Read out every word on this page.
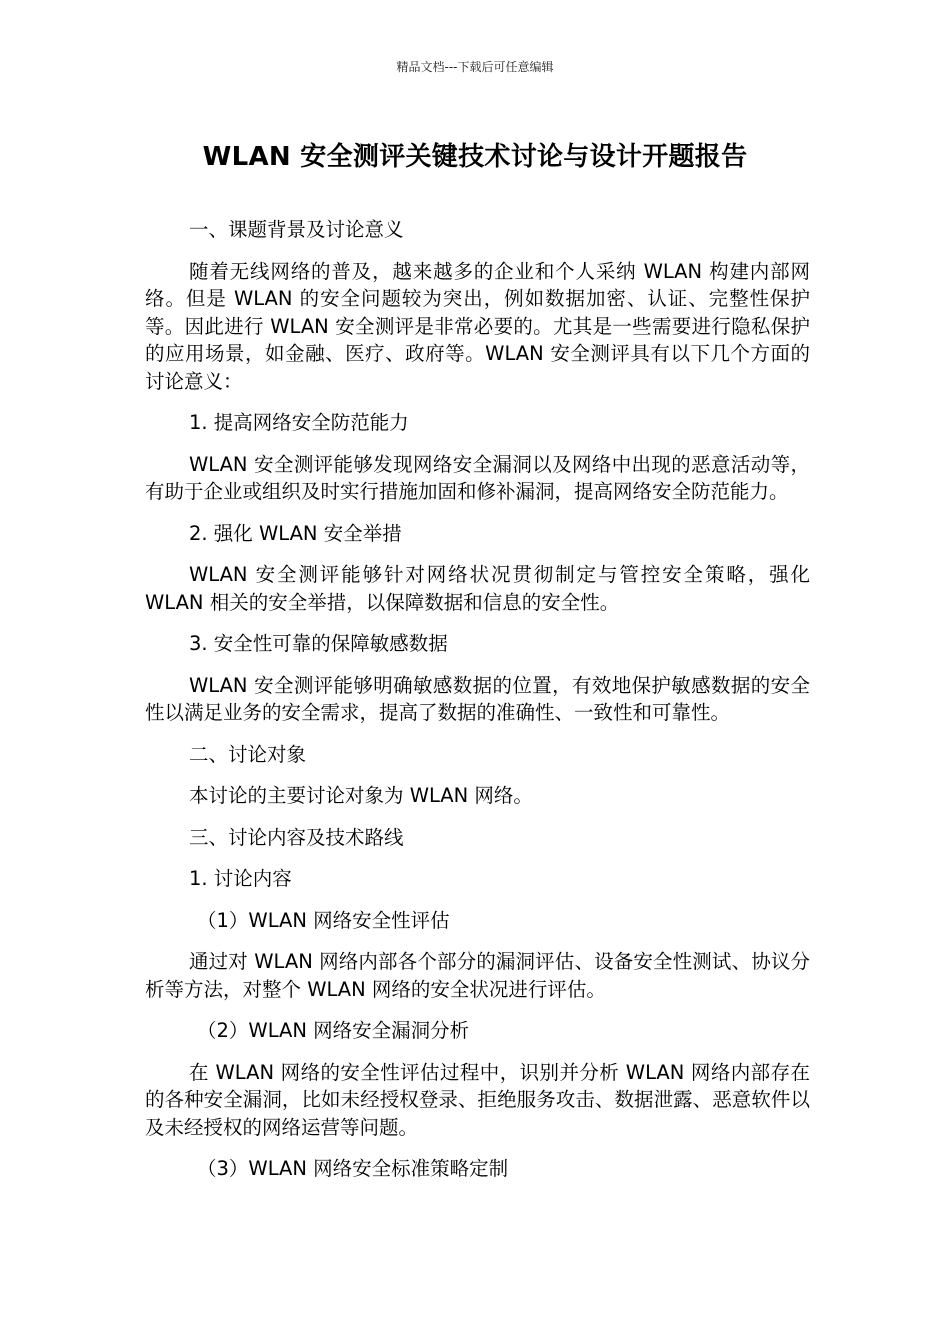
精品文档---下载后可任意编辑
WLAN 安全测评关键技术讨论与设计开题报告
一、课题背景及讨论意义
随着无线网络的普及，越来越多的企业和个人采纳 WLAN 构建内部网络。但是 WLAN 的安全问题较为突出，例如数据加密、认证、完整性保护等。因此进行 WLAN 安全测评是非常必要的。尤其是一些需要进行隐私保护的应用场景，如金融、医疗、政府等。WLAN 安全测评具有以下几个方面的讨论意义：
1. 提高网络安全防范能力
WLAN 安全测评能够发现网络安全漏洞以及网络中出现的恶意活动等，有助于企业或组织及时实行措施加固和修补漏洞，提高网络安全防范能力。
2. 强化 WLAN 安全举措
WLAN 安全测评能够针对网络状况贯彻制定与管控安全策略，强化 WLAN 相关的安全举措，以保障数据和信息的安全性。
3. 安全性可靠的保障敏感数据
WLAN 安全测评能够明确敏感数据的位置，有效地保护敏感数据的安全性以满足业务的安全需求，提高了数据的准确性、一致性和可靠性。
二、讨论对象
本讨论的主要讨论对象为 WLAN 网络。
三、讨论内容及技术路线
1. 讨论内容
（1）WLAN 网络安全性评估
通过对 WLAN 网络内部各个部分的漏洞评估、设备安全性测试、协议分析等方法，对整个 WLAN 网络的安全状况进行评估。
（2）WLAN 网络安全漏洞分析
在 WLAN 网络的安全性评估过程中，识别并分析 WLAN 网络内部存在的各种安全漏洞，比如未经授权登录、拒绝服务攻击、数据泄露、恶意软件以及未经授权的网络运营等问题。
（3）WLAN 网络安全标准策略定制
